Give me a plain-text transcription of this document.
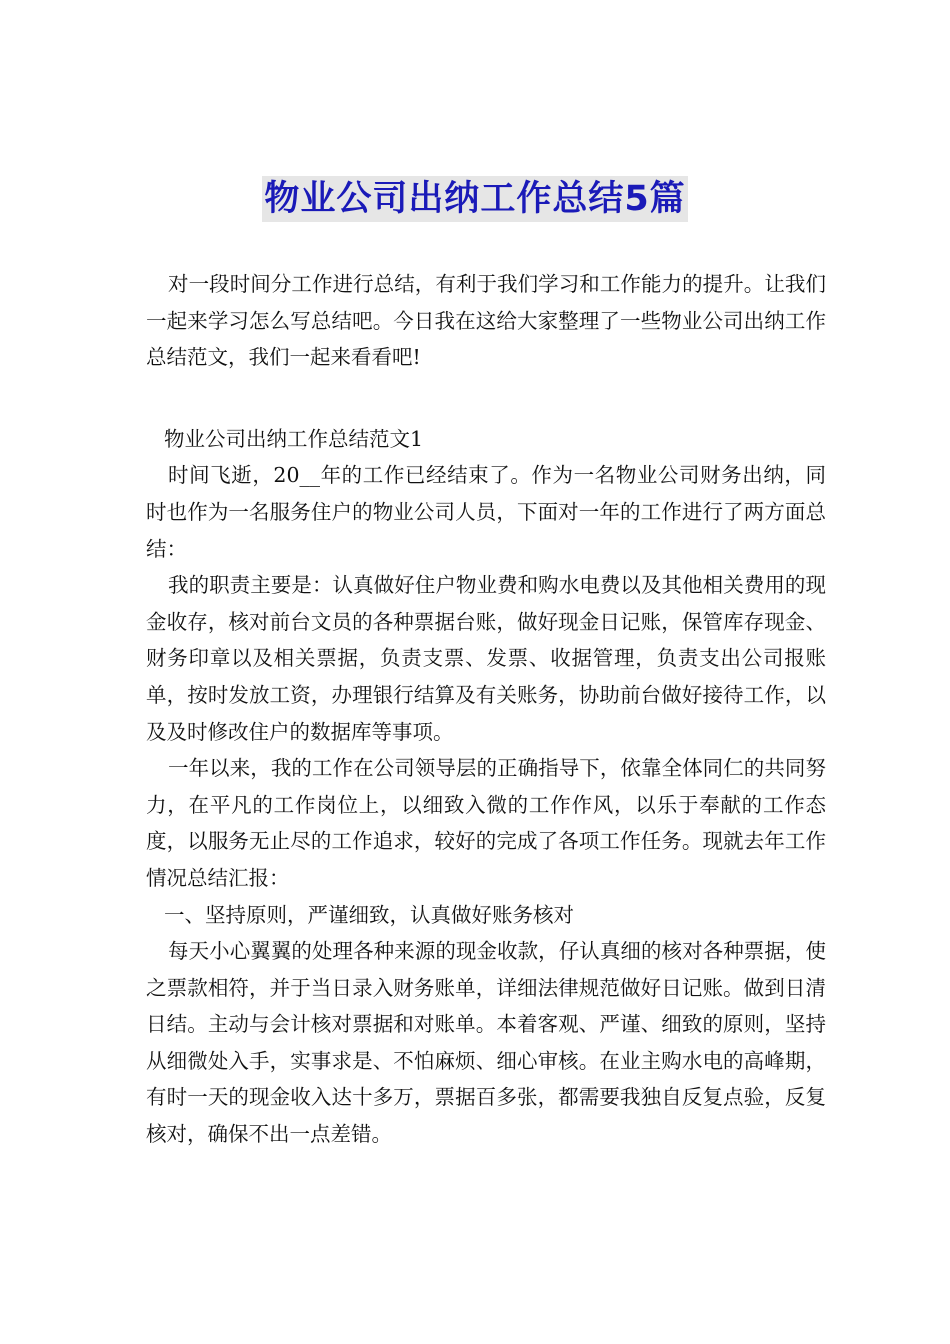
物业公司出纳工作总结5篇

对一段时间分工作进行总结，有利于我们学习和工作能力的提升。让我们一起来学习怎么写总结吧。今日我在这给大家整理了一些物业公司出纳工作总结范文，我们一起来看看吧!

物业公司出纳工作总结范文1

时间飞逝，20__年的工作已经结束了。作为一名物业公司财务出纳，同时也作为一名服务住户的物业公司人员，下面对一年的工作进行了两方面总结：

我的职责主要是：认真做好住户物业费和购水电费以及其他相关费用的现金收存，核对前台文员的各种票据台账，做好现金日记账，保管库存现金、财务印章以及相关票据，负责支票、发票、收据管理，负责支出公司报账单，按时发放工资，办理银行结算及有关账务，协助前台做好接待工作，以及及时修改住户的数据库等事项。

一年以来，我的工作在公司领导层的正确指导下，依靠全体同仁的共同努力，在平凡的工作岗位上，以细致入微的工作作风，以乐于奉献的工作态度，以服务无止尽的工作追求，较好的完成了各项工作任务。现就去年工作情况总结汇报：

一、坚持原则，严谨细致，认真做好账务核对

每天小心翼翼的处理各种来源的现金收款，仔认真细的核对各种票据，使之票款相符，并于当日录入财务账单，详细法律规范做好日记账。做到日清日结。主动与会计核对票据和对账单。本着客观、严谨、细致的原则，坚持从细微处入手，实事求是、不怕麻烦、细心审核。在业主购水电的高峰期，有时一天的现金收入达十多万，票据百多张，都需要我独自反复点验，反复核对，确保不出一点差错。
